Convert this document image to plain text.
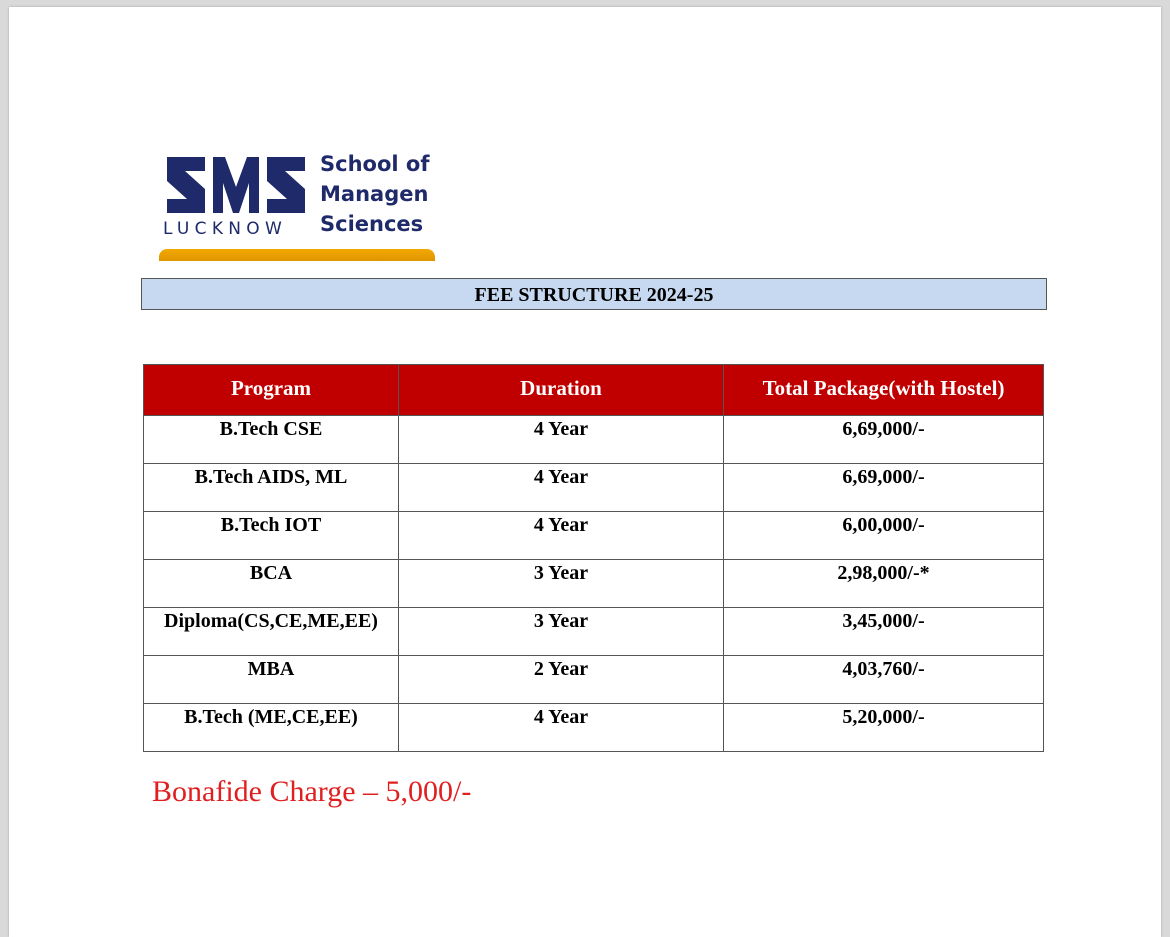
LUCKNOW
School of
Managen
Sciences
FEE STRUCTURE 2024-25
Program	Duration	Total Package(with Hostel)
B.Tech CSE	4 Year	6,69,000/-
B.Tech AIDS, ML	4 Year	6,69,000/-
B.Tech IOT	4 Year	6,00,000/-
BCA	3 Year	2,98,000/-*
Diploma(CS,CE,ME,EE)	3 Year	3,45,000/-
MBA	2 Year	4,03,760/-
B.Tech (ME,CE,EE)	4 Year	5,20,000/-
Bonafide Charge – 5,000/-
